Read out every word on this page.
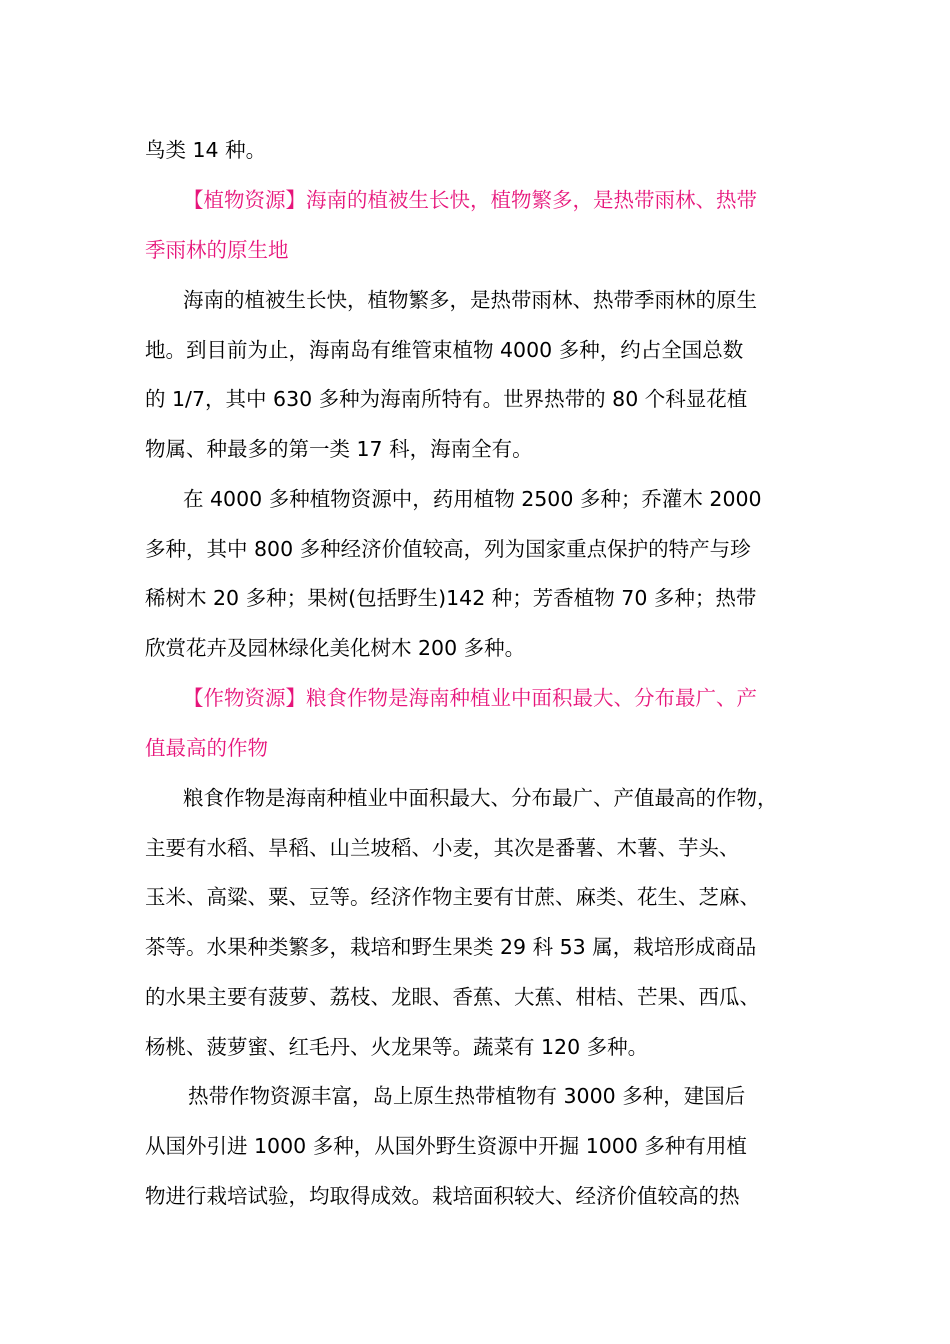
鸟类 14 种。
【植物资源】海南的植被生长快，植物繁多，是热带雨林、热带
季雨林的原生地
海南的植被生长快，植物繁多，是热带雨林、热带季雨林的原生
地。到目前为止，海南岛有维管束植物 4000 多种，约占全国总数
的 1/7，其中 630 多种为海南所特有。世界热带的 80 个科显花植
物属、种最多的第一类 17 科，海南全有。
在 4000 多种植物资源中，药用植物 2500 多种；乔灌木 2000
多种，其中 800 多种经济价值较高，列为国家重点保护的特产与珍
稀树木 20 多种；果树(包括野生)142 种；芳香植物 70 多种；热带
欣赏花卉及园林绿化美化树木 200 多种。
【作物资源】粮食作物是海南种植业中面积最大、分布最广、产
值最高的作物
粮食作物是海南种植业中面积最大、分布最广、产值最高的作物，
主要有水稻、旱稻、山兰坡稻、小麦，其次是番薯、木薯、芋头、
玉米、高粱、粟、豆等。经济作物主要有甘蔗、麻类、花生、芝麻、
茶等。水果种类繁多，栽培和野生果类 29 科 53 属，栽培形成商品
的水果主要有菠萝、荔枝、龙眼、香蕉、大蕉、柑桔、芒果、西瓜、
杨桃、菠萝蜜、红毛丹、火龙果等。蔬菜有 120 多种。
热带作物资源丰富，岛上原生热带植物有 3000 多种，建国后
从国外引进 1000 多种，从国外野生资源中开掘 1000 多种有用植
物进行栽培试验，均取得成效。栽培面积较大、经济价值较高的热
